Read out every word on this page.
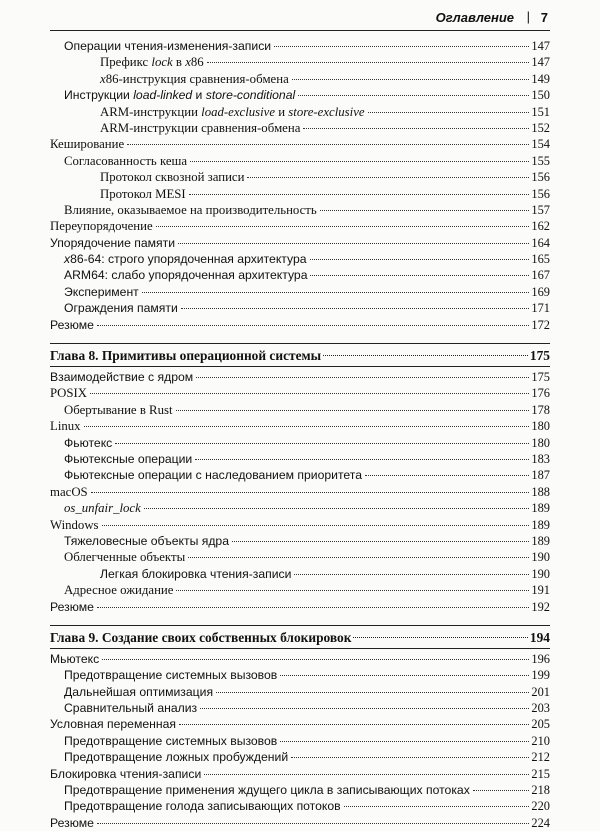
Оглавление | 7
Операции чтения-изменения-записи	147
Префикс lock в x86	147
x86-инструкция сравнения-обмена	149
Инструкции load-linked и store-conditional	150
ARM-инструкции load-exclusive и store-exclusive	151
ARM-инструкции сравнения-обмена	152
Кеширование	154
Согласованность кеша	155
Протокол сквозной записи	156
Протокол MESI	156
Влияние, оказываемое на производительность	157
Переупорядочение	162
Упорядочение памяти	164
x86-64: строго упорядоченная архитектура	165
ARM64: слабо упорядоченная архитектура	167
Эксперимент	169
Ограждения памяти	171
Резюме	172
Глава 8. Примитивы операционной системы	175
Взаимодействие с ядром	175
POSIX	176
Обертывание в Rust	178
Linux	180
Фьютекс	180
Фьютексные операции	183
Фьютексные операции с наследованием приоритета	187
macOS	188
os_unfair_lock	189
Windows	189
Тяжеловесные объекты ядра	189
Облегченные объекты	190
Легкая блокировка чтения-записи	190
Адресное ожидание	191
Резюме	192
Глава 9. Создание своих собственных блокировок	194
Мьютекс	196
Предотвращение системных вызовов	199
Дальнейшая оптимизация	201
Сравнительный анализ	203
Условная переменная	205
Предотвращение системных вызовов	210
Предотвращение ложных пробуждений	212
Блокировка чтения-записи	215
Предотвращение применения ждущего цикла в записывающих потоках	218
Предотвращение голода записывающих потоков	220
Резюме	224
